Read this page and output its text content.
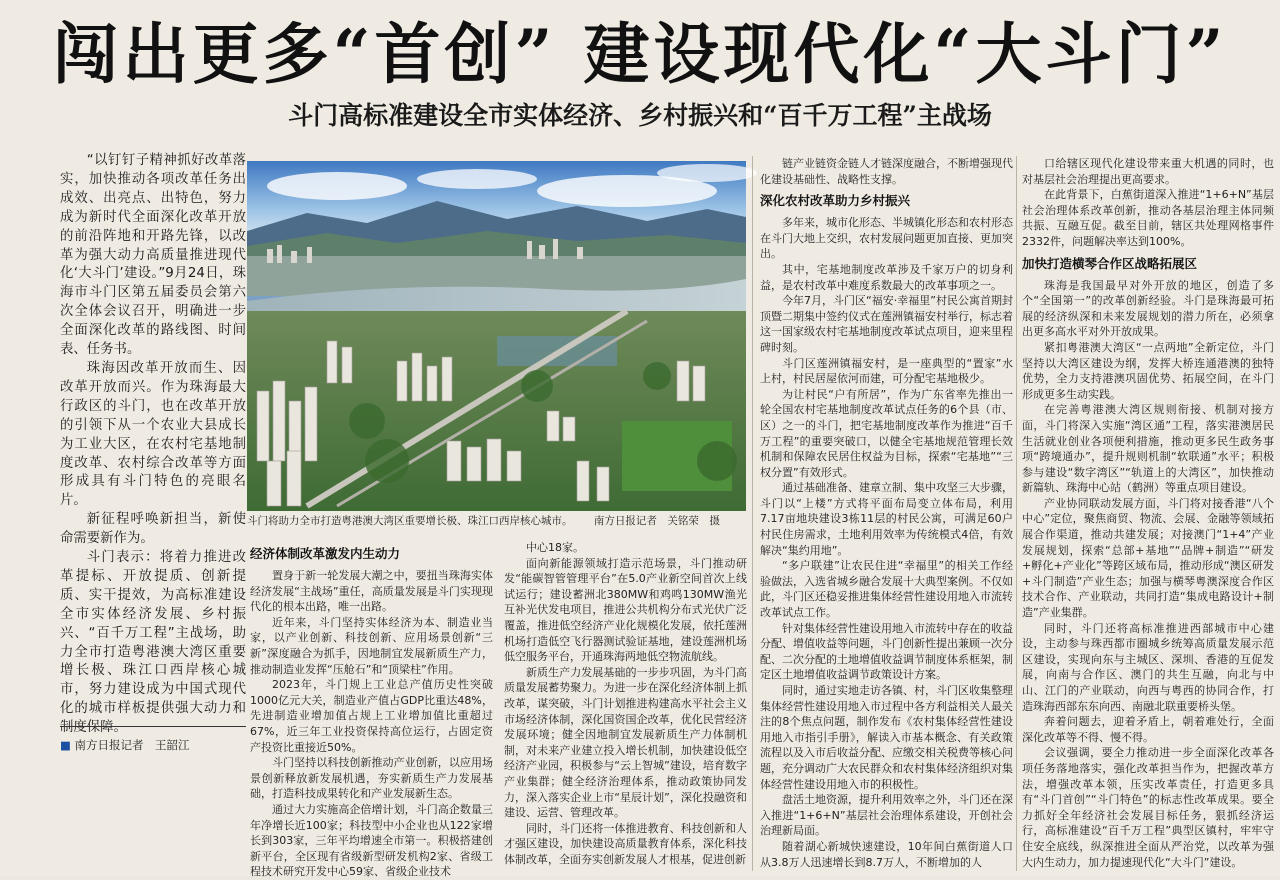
闯出更多“首创” 建设现代化“大斗门”
斗门高标准建设全市实体经济、乡村振兴和“百千万工程”主战场

“以钉钉子精神抓好改革落实，加快推动各项改革任务出成效、出亮点、出特色，努力成为新时代全面深化改革开放的前沿阵地和开路先锋，以改革为强大动力高质量推进现代化‘大斗门’建设。”9月24日，珠海市斗门区第五届委员会第六次全体会议召开，明确进一步全面深化改革的路线图、时间表、任务书。

珠海因改革开放而生、因改革开放而兴。作为珠海最大行政区的斗门，也在改革开放的引领下从一个农业大县成长为工业大区，在农村宅基地制度改革、农村综合改革等方面形成具有斗门特色的亮眼名片。

新征程呼唤新担当，新使命需要新作为。

斗门表示：将着力推进改革提标、开放提质、创新提质、实干提效，为高标准建设全市实体经济发展、乡村振兴、“百千万工程”主战场，助力全市打造粤港澳大湾区重要增长极、珠江口西岸核心城市，努力建设成为中国式现代化的城市样板提供强大动力和制度保障。

■ 南方日报记者　王韶江
斗门将助力全市打造粤港澳大湾区重要增长极、珠江口西岸核心城市。 南方日报记者　关铭荣　摄
经济体制改革激发内生动力

置身于新一轮发展大潮之中，要扭当珠海实体经济发展“主战场”重任，高质量发展是斗门实现现代化的根本出路，唯一出路。

近年来，斗门坚持实体经济为本、制造业当家，以产业创新、科技创新、应用场景创新“三新”深度融合为抓手，因地制宜发展新质生产力，推动制造业发挥“压舱石”和“顶梁柱”作用。

2023年，斗门规上工业总产值历史性突破1000亿元大关，制造业产值占GDP比重达48%，先进制造业增加值占规上工业增加值比重超过67%，近三年工业投资保持高位运行，占固定资产投资比重接近50%。

斗门坚持以科技创新推动产业创新，以应用场景创新释放新发展机遇，夯实新质生产力发展基础，打造科技成果转化和产业发展新生态。

通过大力实施高企倍增计划，斗门高企数量三年净增长近100家；科技型中小企业也从122家增长到303家，三年平均增速全市第一。积极搭建创新平台，全区现有省级新型研发机构2家、省级工程技术研究开发中心59家、省级企业技术

中心18家。

面向新能源领域打造示范场景，斗门推动研发“能碳智管管理平台”在5.0产业新空间首次上线试运行；建设蓄洲北380MW和鸡鸣130MW渔光互补光伏发电项目，推进公共机构分布式光伏广泛覆盖，推进低空经济产业化规模化发展，依托莲洲机场打造低空飞行器测试验证基地，建设莲洲机场低空服务平台，开通珠海两地低空物流航线。

新质生产力发展基础的一步步巩固，为斗门高质量发展蓄势聚力。为进一步在深化经济体制上抓改革，谋突破，斗门计划推进构建高水平社会主义市场经济体制，深化国资国企改革，优化民营经济发展环境；健全因地制宜发展新质生产力体制机制，对未来产业建立投入增长机制，加快建设低空经济产业园，积极参与“云上智城”建设，培育数字产业集群；健全经济治理体系，推动政策协同发力，深入落实企业上市“星辰计划”，深化投融资和建设、运营、管理改革。

同时，斗门还将一体推进教育、科技创新和人才强区建设，加快建设高质量教育体系，深化科技体制改革，全面夯实创新发展人才根基，促进创新

链产业链资金链人才链深度融合，不断增强现代化建设基础性、战略性支撑。

深化农村改革助力乡村振兴

多年来，城市化形态、半城镇化形态和农村形态在斗门大地上交织，农村发展问题更加直接、更加突出。

其中，宅基地制度改革涉及千家万户的切身利益，是农村改革中难度系数最大的改革事项之一。

今年7月，斗门区“福安·幸福里”村民公寓首期封顶暨二期集中签约仪式在莲洲镇福安村举行，标志着这一国家级农村宅基地制度改革试点项目，迎来里程碑时刻。

斗门区莲洲镇福安村，是一座典型的“置家”水上村，村民居屋依河而建，可分配宅基地极少。

为让村民“户有所居”，作为广东省率先推出一轮全国农村宅基地制度改革试点任务的6个县（市、区）之一的斗门，把宅基地制度改革作为推进“百千万工程”的重要突破口，以健全宅基地规范管理长效机制和保障农民居住权益为目标，探索“宅基地”“三权分置”有效形式。

通过基础准备、建章立制、集中攻坚三大步骤，斗门以“上楼”方式将平面布局变立体布局，利用7.17亩地块建设3栋11层的村民公寓，可满足60户村民住房需求，土地利用效率为传统模式4倍，有效解决“集约用地”。

“多户联建”让农民住进“幸福里”的相关工作经验做法，入选省城乡融合发展十大典型案例。不仅如此，斗门区还稳妥推进集体经营性建设用地入市流转改革试点工作。

针对集体经营性建设用地入市流转中存在的收益分配、增值收益等问题，斗门创新性提出兼顾一次分配、二次分配的土地增值收益调节制度体系框架，制定区土地增值收益调节政策设计方案。

同时，通过实地走访各镇、村，斗门区收集整理集体经营性建设用地入市过程中各方利益相关人最关注的8个焦点问题，制作发布《农村集体经营性建设用地入市指引手册》，解读入市基本概念、有关政策流程以及入市后收益分配、应缴交相关税费等核心问题，充分调动广大农民群众和农村集体经济组织对集体经营性建设用地入市的积极性。

盘活土地资源，提升利用效率之外，斗门还在深入推进“1+6+N”基层社会治理体系建设，开创社会治理新局面。

随着湖心新城快速建设，10年间白蕉街道人口从3.8万人迅速增长到8.7万人，不断增加的人

口给辖区现代化建设带来重大机遇的同时，也对基层社会治理提出更高要求。

在此背景下，白蕉街道深入推进“1+6+N”基层社会治理体系改革创新，推动各基层治理主体同频共振、互融互促。截至目前，辖区共处理网格事件2332件，问题解决率达到100%。

加快打造横琴合作区战略拓展区

珠海是我国最早对外开放的地区，创造了多个“全国第一”的改革创新经验。斗门是珠海最可拓展的经济纵深和未来发展规划的潜力所在，必须拿出更多高水平对外开放成果。

紧扣粤港澳大湾区“一点两地”全新定位，斗门坚持以大湾区建设为纲，发挥大桥连通港澳的独特优势，全力支持港澳巩固优势、拓展空间，在斗门形成更多生动实践。

在完善粤港澳大湾区规则衔接、机制对接方面，斗门将深入实施“湾区通”工程，落实港澳居民生活就业创业各项便利措施，推动更多民生政务事项“跨境通办”，提升规则机制“软联通”水平；积极参与建设“数字湾区”“轨道上的大湾区”，加快推动新篇轨、珠海中心站（鹤洲）等重点项目建设。

产业协同联动发展方面，斗门将对接香港“八个中心”定位，聚焦商贸、物流、会展、金融等领域拓展合作渠道，推动共建发展；对接澳门“1+4”产业发展规划，探索“总部+基地”“品牌+制造”“研发+孵化+产业化”等跨区域布局，推动形成“澳区研发+斗门制造”产业生态；加强与横琴粤澳深度合作区技术合作、产业联动，共同打造“集成电路设计+制造”产业集群。

同时，斗门还将高标准推进西部城市中心建设，主动参与珠西都市圈城乡统筹高质量发展示范区建设，实现向东与主城区、深圳、香港的互促发展，向南与合作区、澳门的共生互融，向北与中山、江门的产业联动，向西与粤西的协同合作，打造珠海西部东东向西、南融北联重要桥头堡。

奔着问题去，迎着矛盾上，朝着难处行，全面深化改革等不得、慢不得。

会议强调，要全力推动进一步全面深化改革各项任务落地落实，强化改革担当作为，把握改革方法，增强改革本领，压实改革责任，打造更多具有“斗门首创”“斗门特色”的标志性改革成果。要全力抓好全年经济社会发展目标任务，狠抓经济运行，高标准建设“百千万工程”典型区镇村，牢牢守住安全底线，纵深推进全面从严治党，以改革为强大内生动力，加力提速现代化“大斗门”建设。
